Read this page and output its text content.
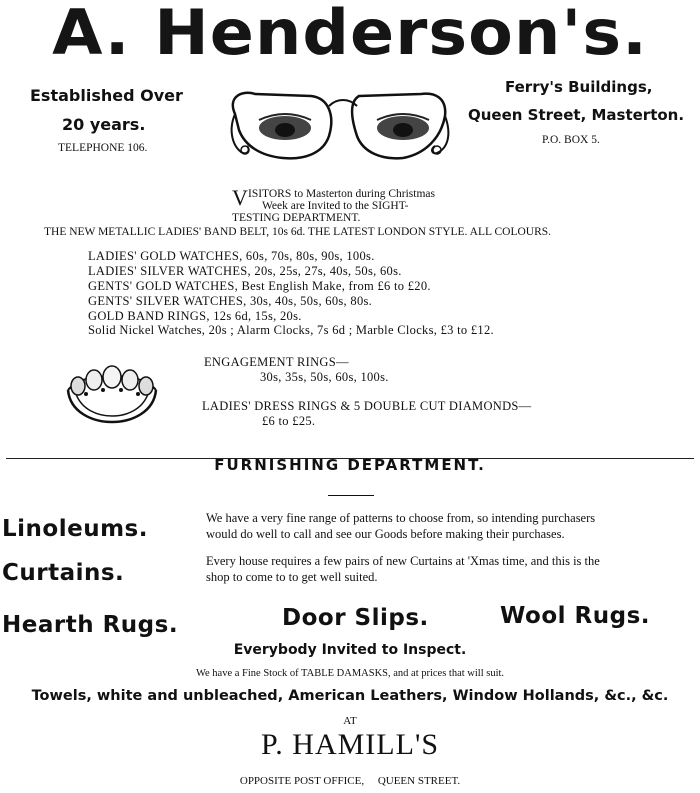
A. Henderson's.
Established Over
20 years.
TELEPHONE 106.
Ferry's Buildings,
Queen Street, Masterton.
P.O. BOX 5.
V ISITORS to Masterton during Christmas
Week are Invited to the SIGHT-
TESTING DEPARTMENT.
THE NEW METALLIC LADIES' BAND BELT, 10s 6d. THE LATEST LONDON STYLE. ALL COLOURS.
LADIES' GOLD WATCHES, 60s, 70s, 80s, 90s, 100s.
LADIES' SILVER WATCHES, 20s, 25s, 27s, 40s, 50s, 60s.
GENTS' GOLD WATCHES, Best English Make, from £6 to £20.
GENTS' SILVER WATCHES, 30s, 40s, 50s, 60s, 80s.
GOLD BAND RINGS, 12s 6d, 15s, 20s.
Solid Nickel Watches, 20s ; Alarm Clocks, 7s 6d ; Marble Clocks, £3 to £12.
ENGAGEMENT RINGS—
30s, 35s, 50s, 60s, 100s.
LADIES' DRESS RINGS & 5 DOUBLE CUT DIAMONDS—
£6 to £25.
FURNISHING DEPARTMENT.
Linoleums.	We have a very fine range of patterns to choose from, so intending purchasers
would do well to call and see our Goods before making their purchases.
Curtains.	Every house requires a few pairs of new Curtains at 'Xmas time, and this is the
shop to come to to get well suited.
Hearth Rugs.	Door Slips.	Wool Rugs.
Everybody Invited to Inspect.
We have a Fine Stock of TABLE DAMASKS, and at prices that will suit.
Towels, white and unbleached, American Leathers, Window Hollands, &c., &c.
AT
P. HAMILL'S
OPPOSITE POST OFFICE,     QUEEN STREET.
